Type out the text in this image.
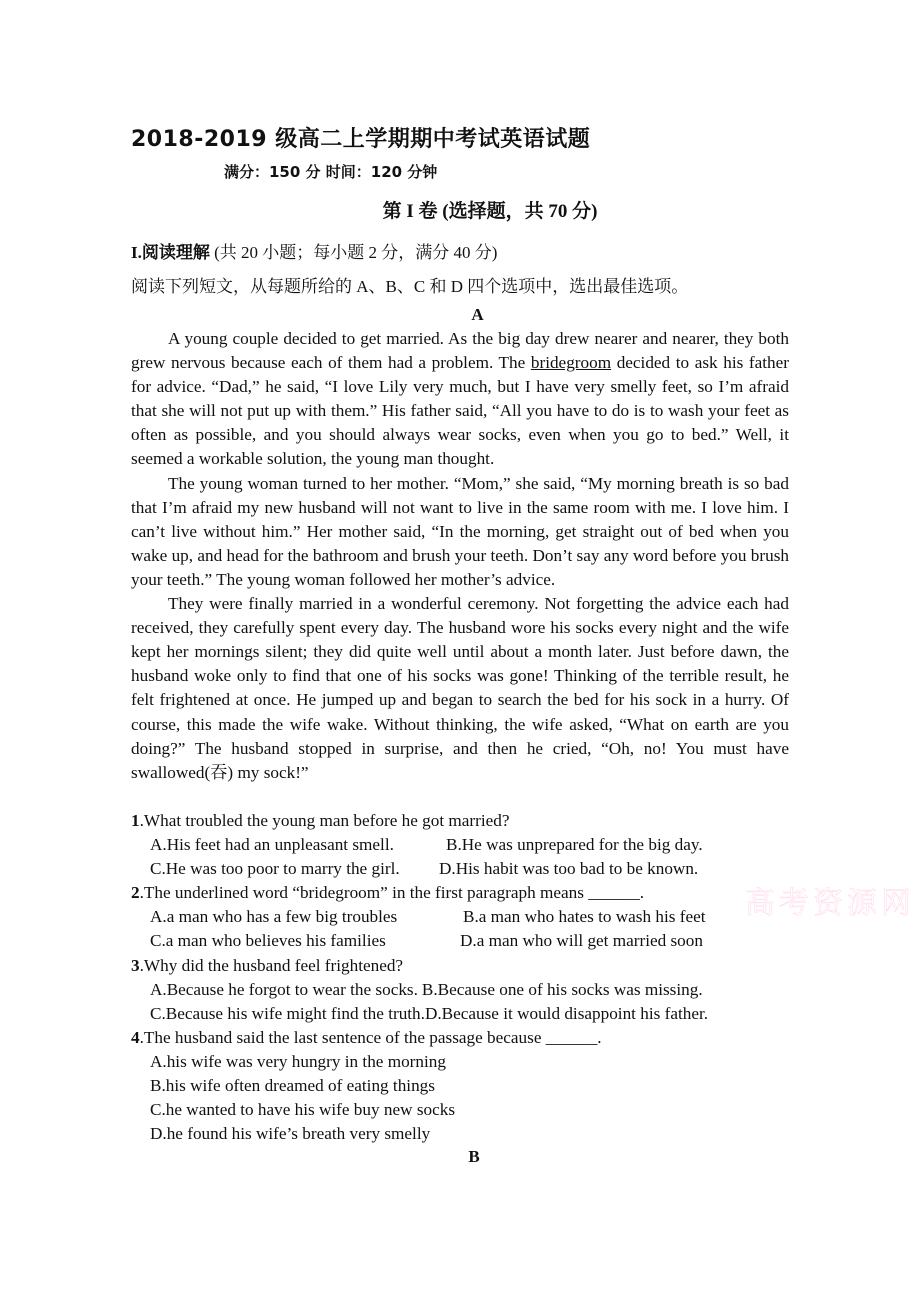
2018-2019 级高二上学期期中考试英语试题
满分：150 分 时间：120 分钟
第 I 卷 (选择题，共 70 分)
I.阅读理解 (共 20 小题；每小题 2 分，满分 40 分)
阅读下列短文，从每题所给的 A、B、C 和 D 四个选项中，选出最佳选项。
A

A young couple decided to get married. As the big day drew nearer and nearer, they both grew nervous because each of them had a problem. The bridegroom decided to ask his father for advice. “Dad,” he said, “I love Lily very much, but I have very smelly feet, so I’m afraid that she will not put up with them.” His father said, “All you have to do is to wash your feet as often as possible, and you should always wear socks, even when you go to bed.” Well, it seemed a workable solution, the young man thought.

The young woman turned to her mother. “Mom,” she said, “My morning breath is so bad that I’m afraid my new husband will not want to live in the same room with me. I love him. I can’t live without him.” Her mother said, “In the morning, get straight out of bed when you wake up, and head for the bathroom and brush your teeth. Don’t say any word before you brush your teeth.” The young woman followed her mother’s advice.

They were finally married in a wonderful ceremony. Not forgetting the advice each had received, they carefully spent every day. The husband wore his socks every night and the wife kept her mornings silent; they did quite well until about a month later. Just before dawn, the husband woke only to find that one of his socks was gone! Thinking of the terrible result, he felt frightened at once. He jumped up and began to search the bed for his sock in a hurry. Of course, this made the wife wake. Without thinking, the wife asked, “What on earth are you doing?” The husband stopped in surprise, and then he cried, “Oh, no! You must have swallowed(吞) my sock!”

1.What troubled the young man before he got married?
A.His feet had an unpleasant smell.	B.He was unprepared for the big day.
C.He was too poor to marry the girl.	D.His habit was too bad to be known.
2.The underlined word “bridegroom” in the first paragraph means ______.
A.a man who has a few big troubles	B.a man who hates to wash his feet
C.a man who believes his families	D.a man who will get married soon
3.Why did the husband feel frightened?
A.Because he forgot to wear the socks. B.Because one of his socks was missing.
C.Because his wife might find the truth. D.Because it would disappoint his father.
4.The husband said the last sentence of the passage because ______.
A.his wife was very hungry in the morning
B.his wife often dreamed of eating things
C.he wanted to have his wife buy new socks
D.he found his wife’s breath very smelly
B
高考资源网
